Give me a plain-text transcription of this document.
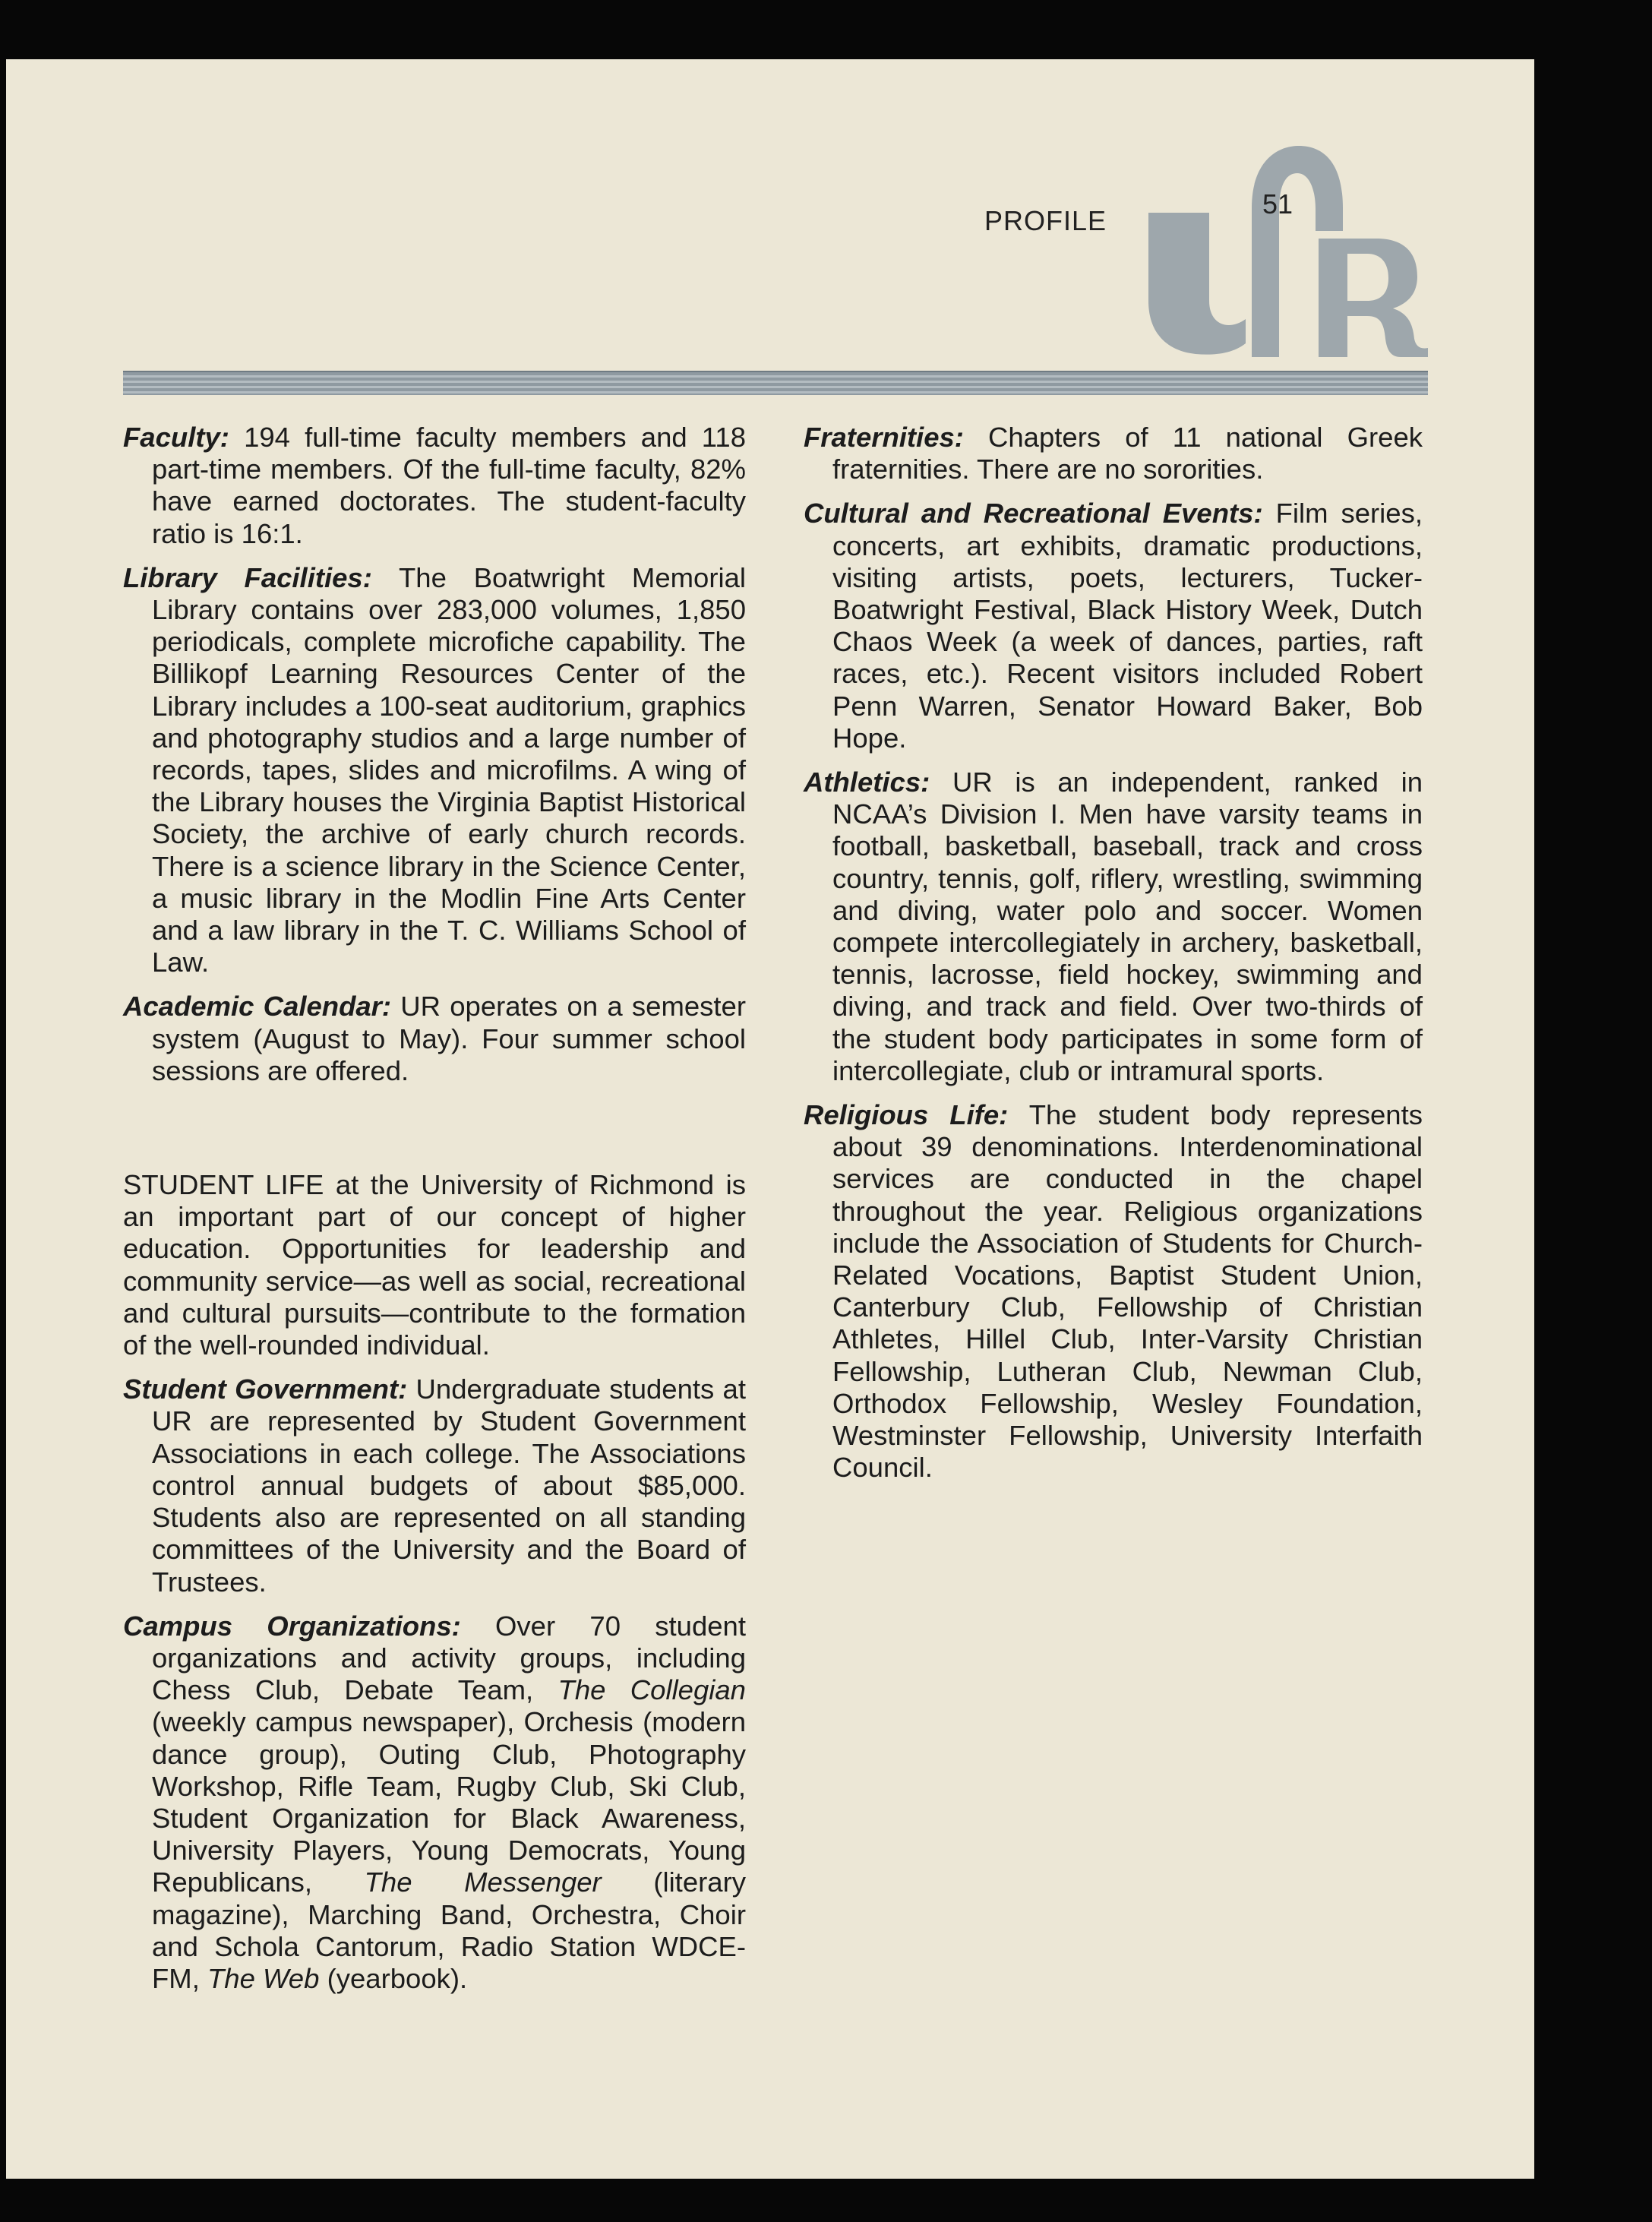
PROFILE
51

Faculty: 194 full-time faculty members and 118 part-time members. Of the full-time faculty, 82% have earned doctorates. The student-faculty ratio is 16:1.

Library Facilities: The Boatwright Memorial Library contains over 283,000 volumes, 1,850 periodicals, complete microfiche capability. The Billikopf Learning Resources Center of the Library includes a 100-seat auditorium, graphics and photography studios and a large number of records, tapes, slides and microfilms. A wing of the Library houses the Virginia Baptist Historical Society, the archive of early church records. There is a science library in the Science Center, a music library in the Modlin Fine Arts Center and a law library in the T. C. Williams School of Law.

Academic Calendar: UR operates on a semester system (August to May). Four summer school sessions are offered.

STUDENT LIFE at the University of Richmond is an important part of our concept of higher education. Opportunities for leadership and community service—as well as social, recreational and cultural pursuits—contribute to the formation of the well-rounded individual.

Student Government: Undergraduate students at UR are represented by Student Government Associations in each college. The Associations control annual budgets of about $85,000. Students also are represented on all standing committees of the University and the Board of Trustees.

Campus Organizations: Over 70 student organizations and activity groups, including Chess Club, Debate Team, The Collegian (weekly campus newspaper), Orchesis (modern dance group), Outing Club, Photography Workshop, Rifle Team, Rugby Club, Ski Club, Student Organization for Black Awareness, University Players, Young Democrats, Young Republicans, The Messenger (literary magazine), Marching Band, Orchestra, Choir and Schola Cantorum, Radio Station WDCE-FM, The Web (yearbook).

Fraternities: Chapters of 11 national Greek fraternities. There are no sororities.

Cultural and Recreational Events: Film series, concerts, art exhibits, dramatic productions, visiting artists, poets, lecturers, Tucker-Boatwright Festival, Black History Week, Dutch Chaos Week (a week of dances, parties, raft races, etc.). Recent visitors included Robert Penn Warren, Senator Howard Baker, Bob Hope.

Athletics: UR is an independent, ranked in NCAA’s Division I. Men have varsity teams in football, basketball, baseball, track and cross country, tennis, golf, riflery, wrestling, swimming and diving, water polo and soccer. Women compete intercollegiately in archery, basketball, tennis, lacrosse, field hockey, swimming and diving, and track and field. Over two-thirds of the student body participates in some form of intercollegiate, club or intramural sports.

Religious Life: The student body represents about 39 denominations. Interdenominational services are conducted in the chapel throughout the year. Religious organizations include the Association of Students for Church-Related Vocations, Baptist Student Union, Canterbury Club, Fellowship of Christian Athletes, Hillel Club, Inter-Varsity Christian Fellowship, Lutheran Club, Newman Club, Orthodox Fellowship, Wesley Foundation, Westminster Fellowship, University Interfaith Council.
